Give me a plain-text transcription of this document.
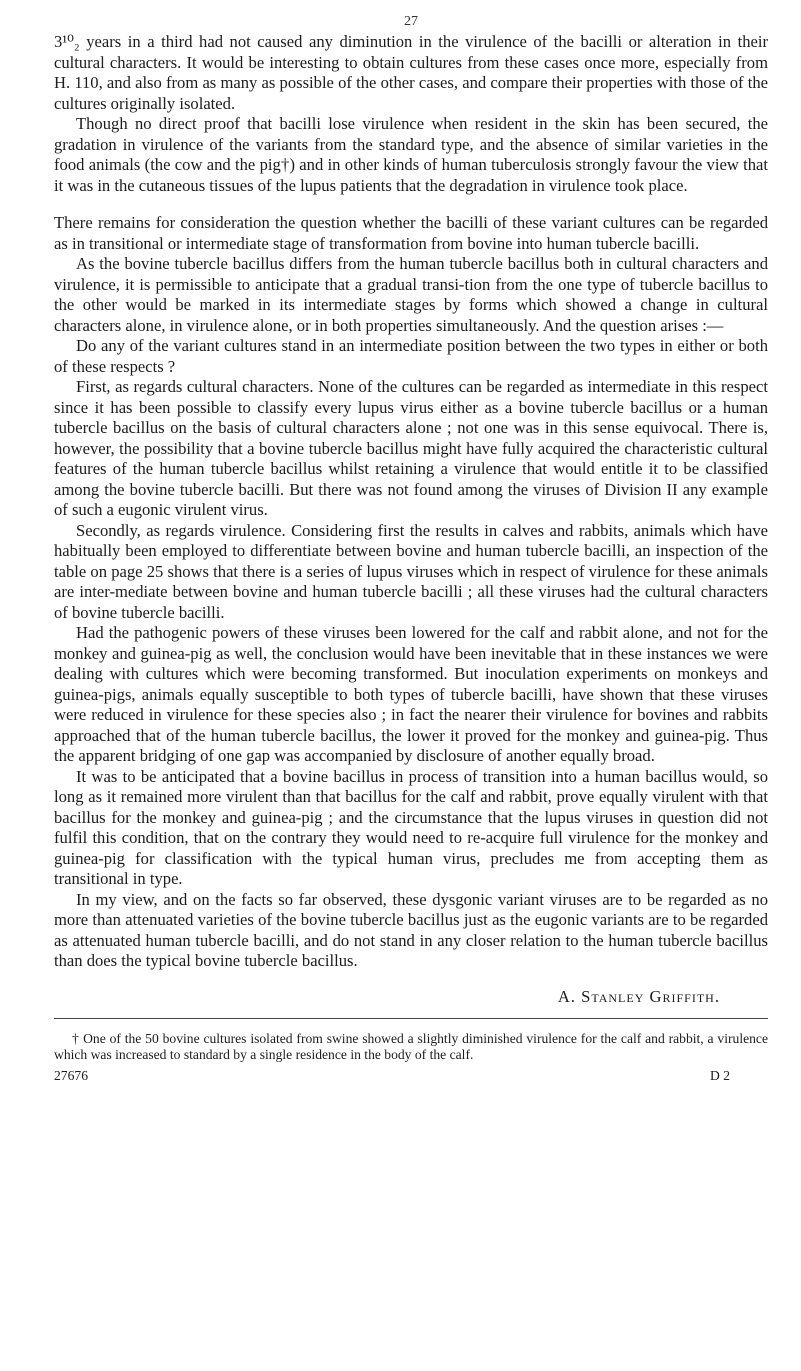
27

3¹⁰₂ years in a third had not caused any diminution in the virulence of the bacilli or alteration in their cultural characters. It would be interesting to obtain cultures from these cases once more, especially from H. 110, and also from as many as possible of the other cases, and compare their properties with those of the cultures originally isolated.

Though no direct proof that bacilli lose virulence when resident in the skin has been secured, the gradation in virulence of the variants from the standard type, and the absence of similar varieties in the food animals (the cow and the pig†) and in other kinds of human tuberculosis strongly favour the view that it was in the cutaneous tissues of the lupus patients that the degradation in virulence took place.

There remains for consideration the question whether the bacilli of these variant cultures can be regarded as in transitional or intermediate stage of transformation from bovine into human tubercle bacilli.

As the bovine tubercle bacillus differs from the human tubercle bacillus both in cultural characters and virulence, it is permissible to anticipate that a gradual transi-tion from the one type of tubercle bacillus to the other would be marked in its intermediate stages by forms which showed a change in cultural characters alone, in virulence alone, or in both properties simultaneously. And the question arises :—

Do any of the variant cultures stand in an intermediate position between the two types in either or both of these respects ?

First, as regards cultural characters. None of the cultures can be regarded as intermediate in this respect since it has been possible to classify every lupus virus either as a bovine tubercle bacillus or a human tubercle bacillus on the basis of cultural characters alone ; not one was in this sense equivocal. There is, however, the possibility that a bovine tubercle bacillus might have fully acquired the characteristic cultural features of the human tubercle bacillus whilst retaining a virulence that would entitle it to be classified among the bovine tubercle bacilli. But there was not found among the viruses of Division II any example of such a eugonic virulent virus.

Secondly, as regards virulence. Considering first the results in calves and rabbits, animals which have habitually been employed to differentiate between bovine and human tubercle bacilli, an inspection of the table on page 25 shows that there is a series of lupus viruses which in respect of virulence for these animals are inter-mediate between bovine and human tubercle bacilli ; all these viruses had the cultural characters of bovine tubercle bacilli.

Had the pathogenic powers of these viruses been lowered for the calf and rabbit alone, and not for the monkey and guinea-pig as well, the conclusion would have been inevitable that in these instances we were dealing with cultures which were becoming transformed. But inoculation experiments on monkeys and guinea-pigs, animals equally susceptible to both types of tubercle bacilli, have shown that these viruses were reduced in virulence for these species also ; in fact the nearer their virulence for bovines and rabbits approached that of the human tubercle bacillus, the lower it proved for the monkey and guinea-pig. Thus the apparent bridging of one gap was accompanied by disclosure of another equally broad.

It was to be anticipated that a bovine bacillus in process of transition into a human bacillus would, so long as it remained more virulent than that bacillus for the calf and rabbit, prove equally virulent with that bacillus for the monkey and guinea-pig ; and the circumstance that the lupus viruses in question did not fulfil this condition, that on the contrary they would need to re-acquire full virulence for the monkey and guinea-pig for classification with the typical human virus, precludes me from accepting them as transitional in type.

In my view, and on the facts so far observed, these dysgonic variant viruses are to be regarded as no more than attenuated varieties of the bovine tubercle bacillus just as the eugonic variants are to be regarded as attenuated human tubercle bacilli, and do not stand in any closer relation to the human tubercle bacillus than does the typical bovine tubercle bacillus.

A. Stanley Griffith.

† One of the 50 bovine cultures isolated from swine showed a slightly diminished virulence for the calf and rabbit, a virulence which was increased to standard by a single residence in the body of the calf.

27676	D 2
